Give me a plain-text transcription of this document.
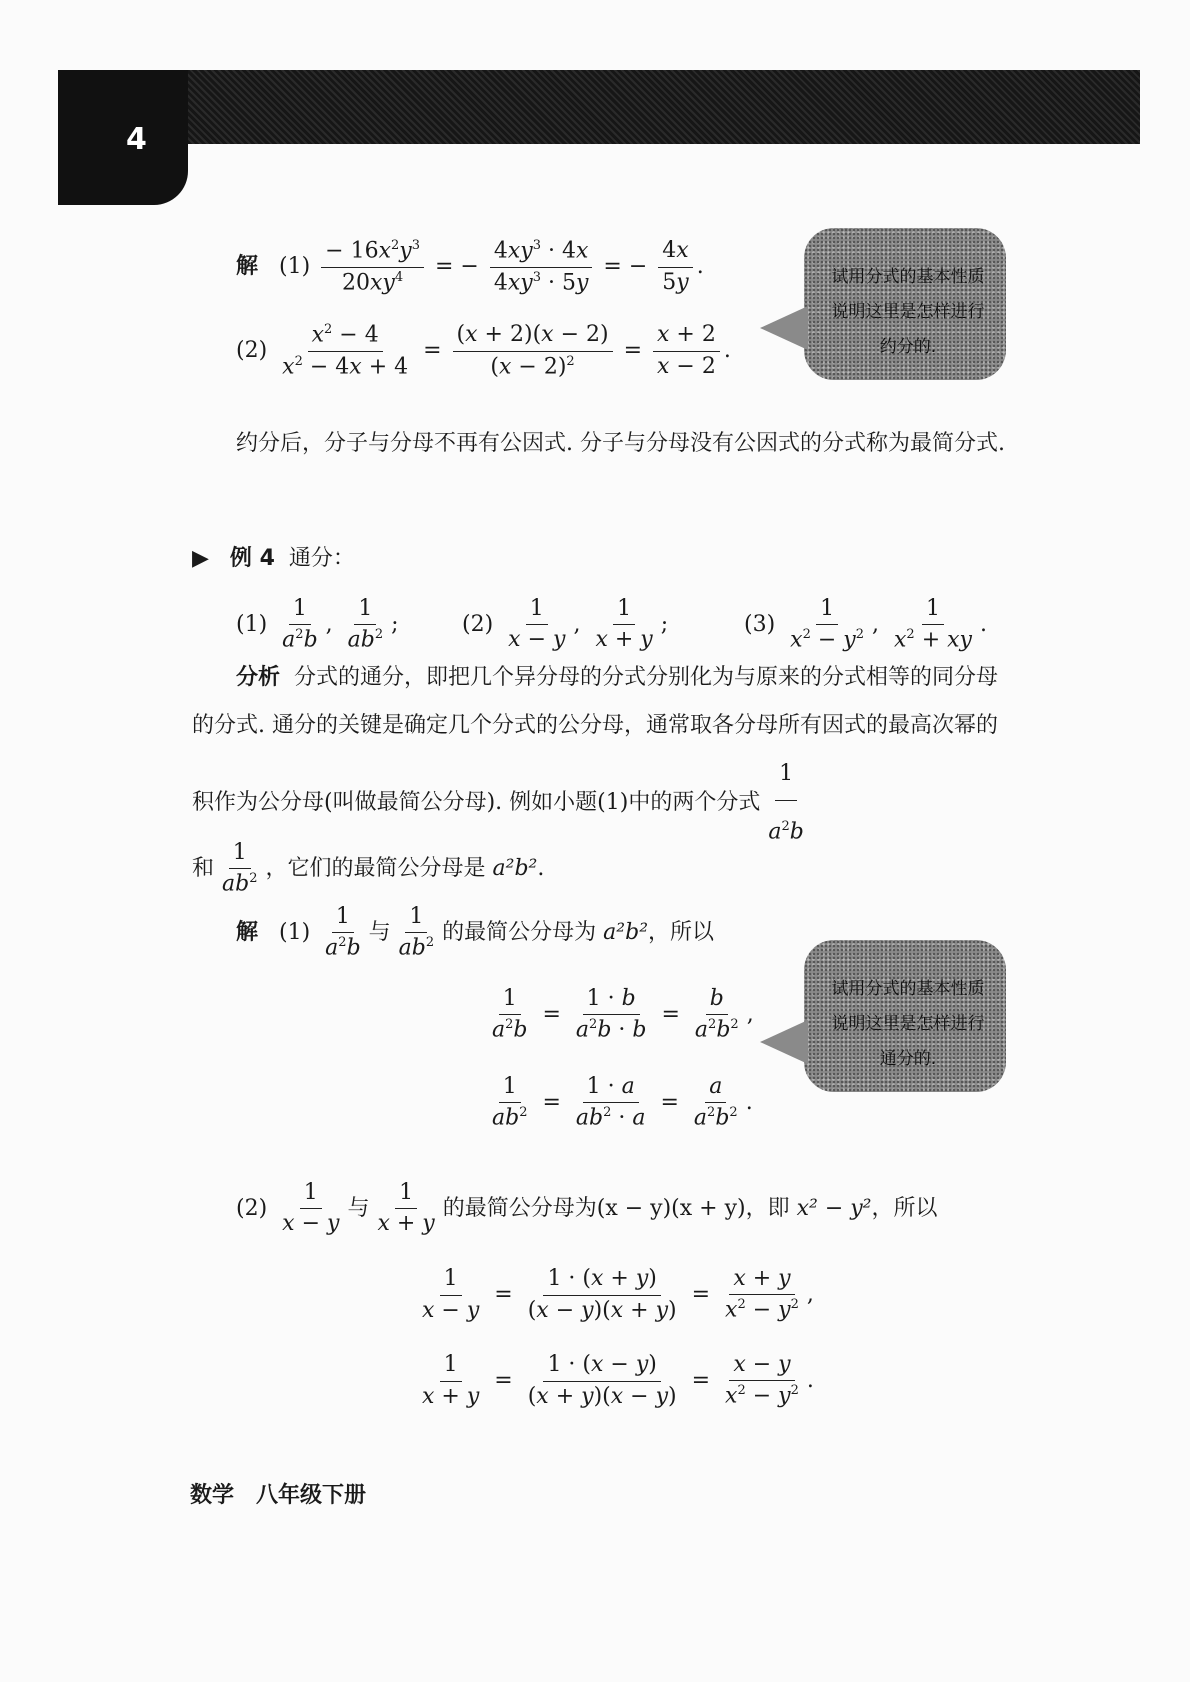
4
解   $(1) \frac{- 16x^2y^3}{20xy^4}$ = − $\frac{4xy^3 \cdot 4x}{4xy^3 \cdot 5y}$ = − $\frac{4x}{5y}$ .
$(2) \frac{x^2 - 4}{x^2 - 4x + 4} = \frac{(x + 2)(x - 2)}{(x - 2)^2} = \frac{x + 2}{x - 2}$ .
试用分式的基本性质说明这里是怎样进行约分的.
约分后，分子与分母不再有公因式. 分子与分母没有公因式的分式称为最简分式.
▶ 例 4 通分：
$(1) \frac{1}{a^2b}$ , $\frac{1}{ab^2}$ ;	$(2) \frac{1}{x - y}$ , $\frac{1}{x + y}$ ;	$(3) \frac{1}{x^2 - y^2}$ , $\frac{1}{x^2 + xy}$ .
分析 分式的通分，即把几个异分母的分式分别化为与原来的分式相等的同分母的分式. 通分的关键是确定几个分式的公分母，通常取各分母所有因式的最高次幂的积作为公分母(叫做最简公分母). 例如小题(1)中的两个分式 $\frac{1}{a^2b}$
和 $\frac{1}{ab^2}$ ，它们的最简公分母是 a²b².
解   $(1) \frac{1}{a^2b}$ 与 $\frac{1}{ab^2}$ 的最简公分母为 a²b²，所以
$\frac{1}{a^2b} = \frac{1 \cdot b}{a^2b \cdot b} = \frac{b}{a^2b^2}$ ,
$\frac{1}{ab^2} = \frac{1 \cdot a}{ab^2 \cdot a} = \frac{a}{a^2b^2}$ .
试用分式的基本性质说明这里是怎样进行通分的.
$(2) \frac{1}{x - y}$ 与 $\frac{1}{x + y}$ 的最简公分母为(x − y)(x + y)，即 x² − y²，所以
$\frac{1}{x - y} = \frac{1 \cdot (x + y)}{(x - y)(x + y)} = \frac{x + y}{x^2 - y^2}$ ,
$\frac{1}{x + y} = \frac{1 \cdot (x - y)}{(x + y)(x - y)} = \frac{x - y}{x^2 - y^2}$ .
数学　八年级下册
